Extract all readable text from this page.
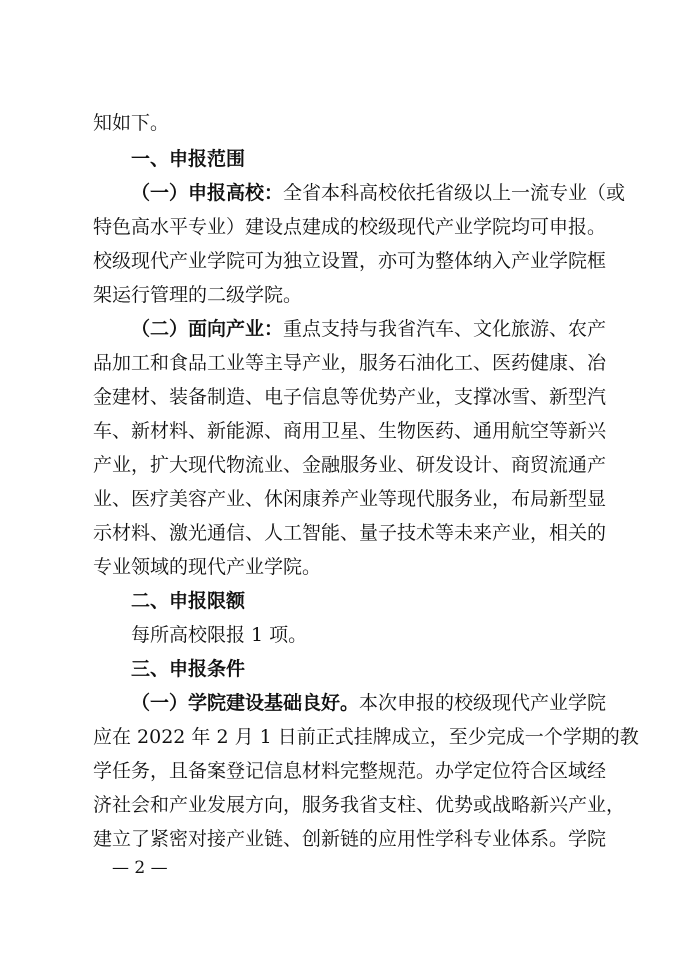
知如下。
一、申报范围
（一）申报高校：全省本科高校依托省级以上一流专业（或
特色高水平专业）建设点建成的校级现代产业学院均可申报。
校级现代产业学院可为独立设置，亦可为整体纳入产业学院框
架运行管理的二级学院。
（二）面向产业：重点支持与我省汽车、文化旅游、农产
品加工和食品工业等主导产业，服务石油化工、医药健康、冶
金建材、装备制造、电子信息等优势产业，支撑冰雪、新型汽
车、新材料、新能源、商用卫星、生物医药、通用航空等新兴
产业，扩大现代物流业、金融服务业、研发设计、商贸流通产
业、医疗美容产业、休闲康养产业等现代服务业，布局新型显
示材料、激光通信、人工智能、量子技术等未来产业，相关的
专业领域的现代产业学院。
二、申报限额
每所高校限报 1 项。
三、申报条件
（一）学院建设基础良好。本次申报的校级现代产业学院
应在 2022 年 2 月 1 日前正式挂牌成立，至少完成一个学期的教
学任务，且备案登记信息材料完整规范。办学定位符合区域经
济社会和产业发展方向，服务我省支柱、优势或战略新兴产业，
建立了紧密对接产业链、创新链的应用性学科专业体系。学院
— 2 —
